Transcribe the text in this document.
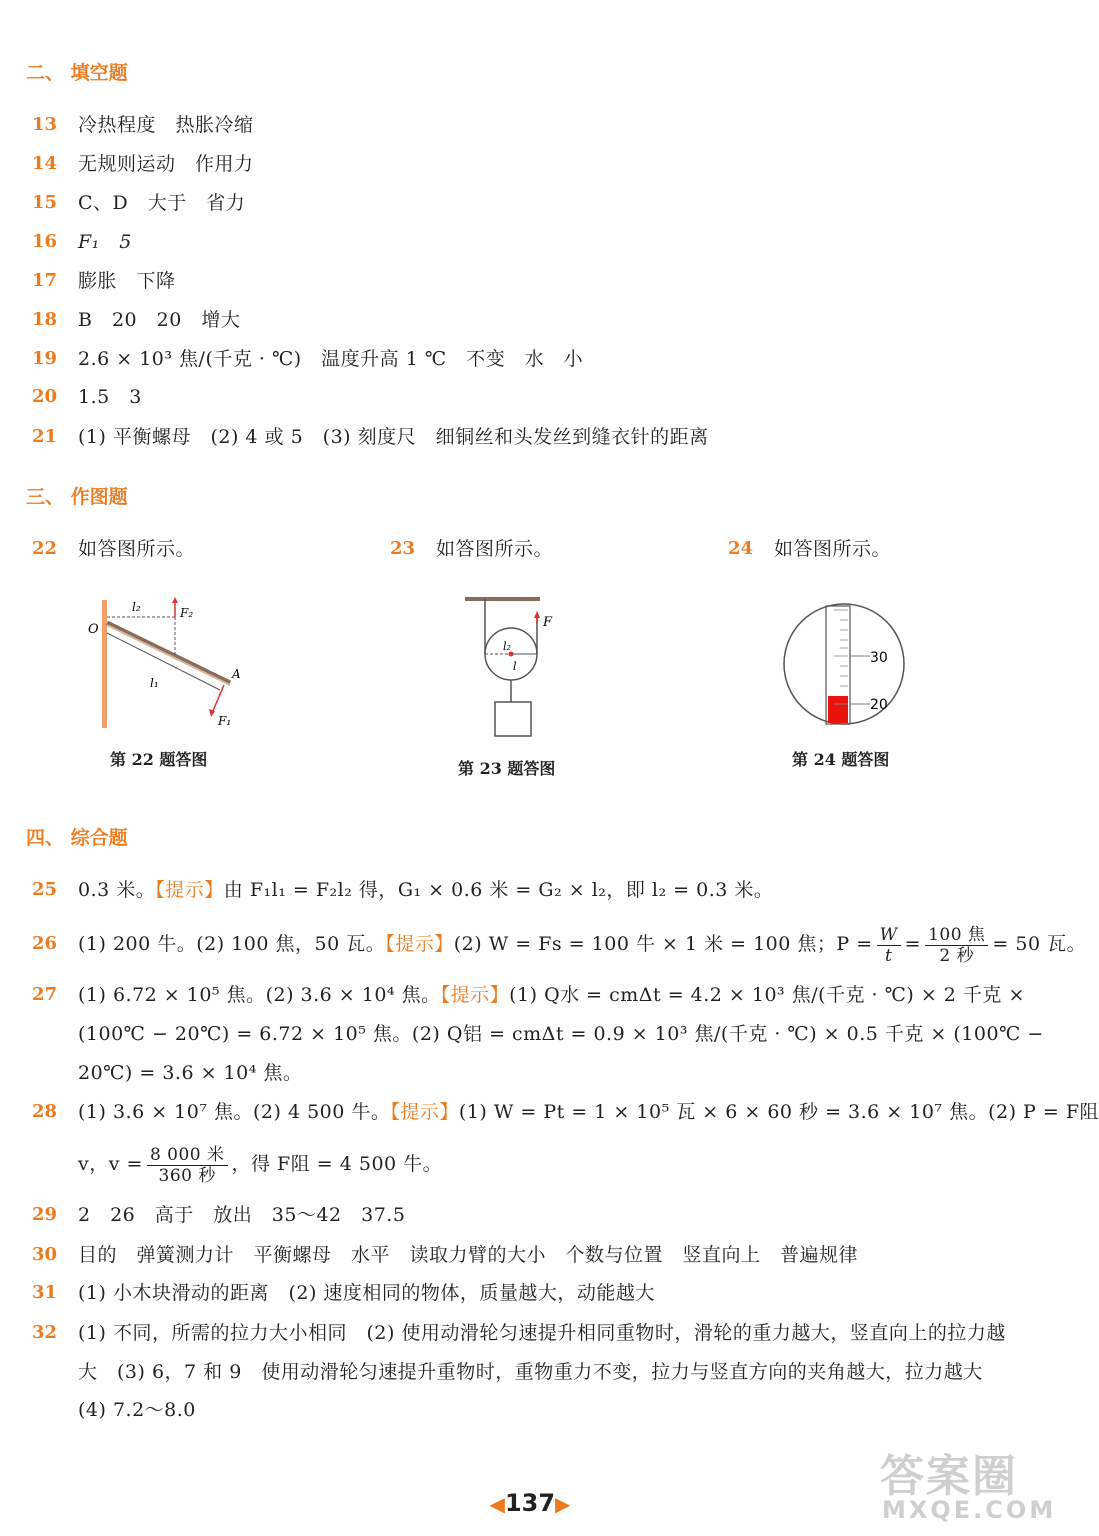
二、 填空题
13 冷热程度　热胀冷缩
14 无规则运动　作用力
15 C、D　大于　省力
16 F₁　5
17 膨胀　下降
18 B　20　20　增大
19 2.6 × 10³ 焦/(千克 · ℃)　温度升高 1 ℃　不变　水　小
20 1.5　3
21 (1) 平衡螺母　(2) 4 或 5　(3) 刻度尺　细铜丝和头发丝到缝衣针的距离
三、 作图题
22 如答图所示。	23 如答图所示。	24 如答图所示。
O
l₂	F₂
l₁
A
F₁
第 22 题答图
F
l₂
l
第 23 题答图
30
20
第 24 题答图
四、 综合题
25 0.3 米。【提示】由 F₁l₁ = F₂l₂ 得，G₁ × 0.6 米 = G₂ × l₂，即 l₂ = 0.3 米。
26 (1) 200 牛。(2) 100 焦，50 瓦。【提示】(2) W = Fs = 100 牛 × 1 米 = 100 焦；$P = \frac{W}{t} = \frac{\text{100 焦}}{\text{2 秒}} = 50$ 瓦。
27 (1) 6.72 × 10⁵ 焦。(2) 3.6 × 10⁴ 焦。【提示】(1) Q水 = cmΔt = 4.2 × 10³ 焦/(千克 · ℃) × 2 千克 ×
(100℃ − 20℃) = 6.72 × 10⁵ 焦。(2) Q铝 = cmΔt = 0.9 × 10³ 焦/(千克 · ℃) × 0.5 千克 × (100℃ −
20℃) = 3.6 × 10⁴ 焦。
28 (1) 3.6 × 10⁷ 焦。(2) 4 500 牛。【提示】(1) W = Pt = 1 × 10⁵ 瓦 × 6 × 60 秒 = 3.6 × 10⁷ 焦。(2) P = F阻
v，$v = \frac{\text{8 000 米}}{\text{360 秒}}$ ，得 F阻 = 4 500 牛。
29 2　26　高于　放出　35～42　37.5
30 目的　弹簧测力计　平衡螺母　水平　读取力臂的大小　个数与位置　竖直向上　普遍规律
31 (1) 小木块滑动的距离　(2) 速度相同的物体，质量越大，动能越大
32 (1) 不同，所需的拉力大小相同　(2) 使用动滑轮匀速提升相同重物时，滑轮的重力越大，竖直向上的拉力越
大　(3) 6，7 和 9　使用动滑轮匀速提升重物时，重物重力不变，拉力与竖直方向的夹角越大，拉力越大
(4) 7.2～8.0
◀137▶
答案圈
MXQE.COM
